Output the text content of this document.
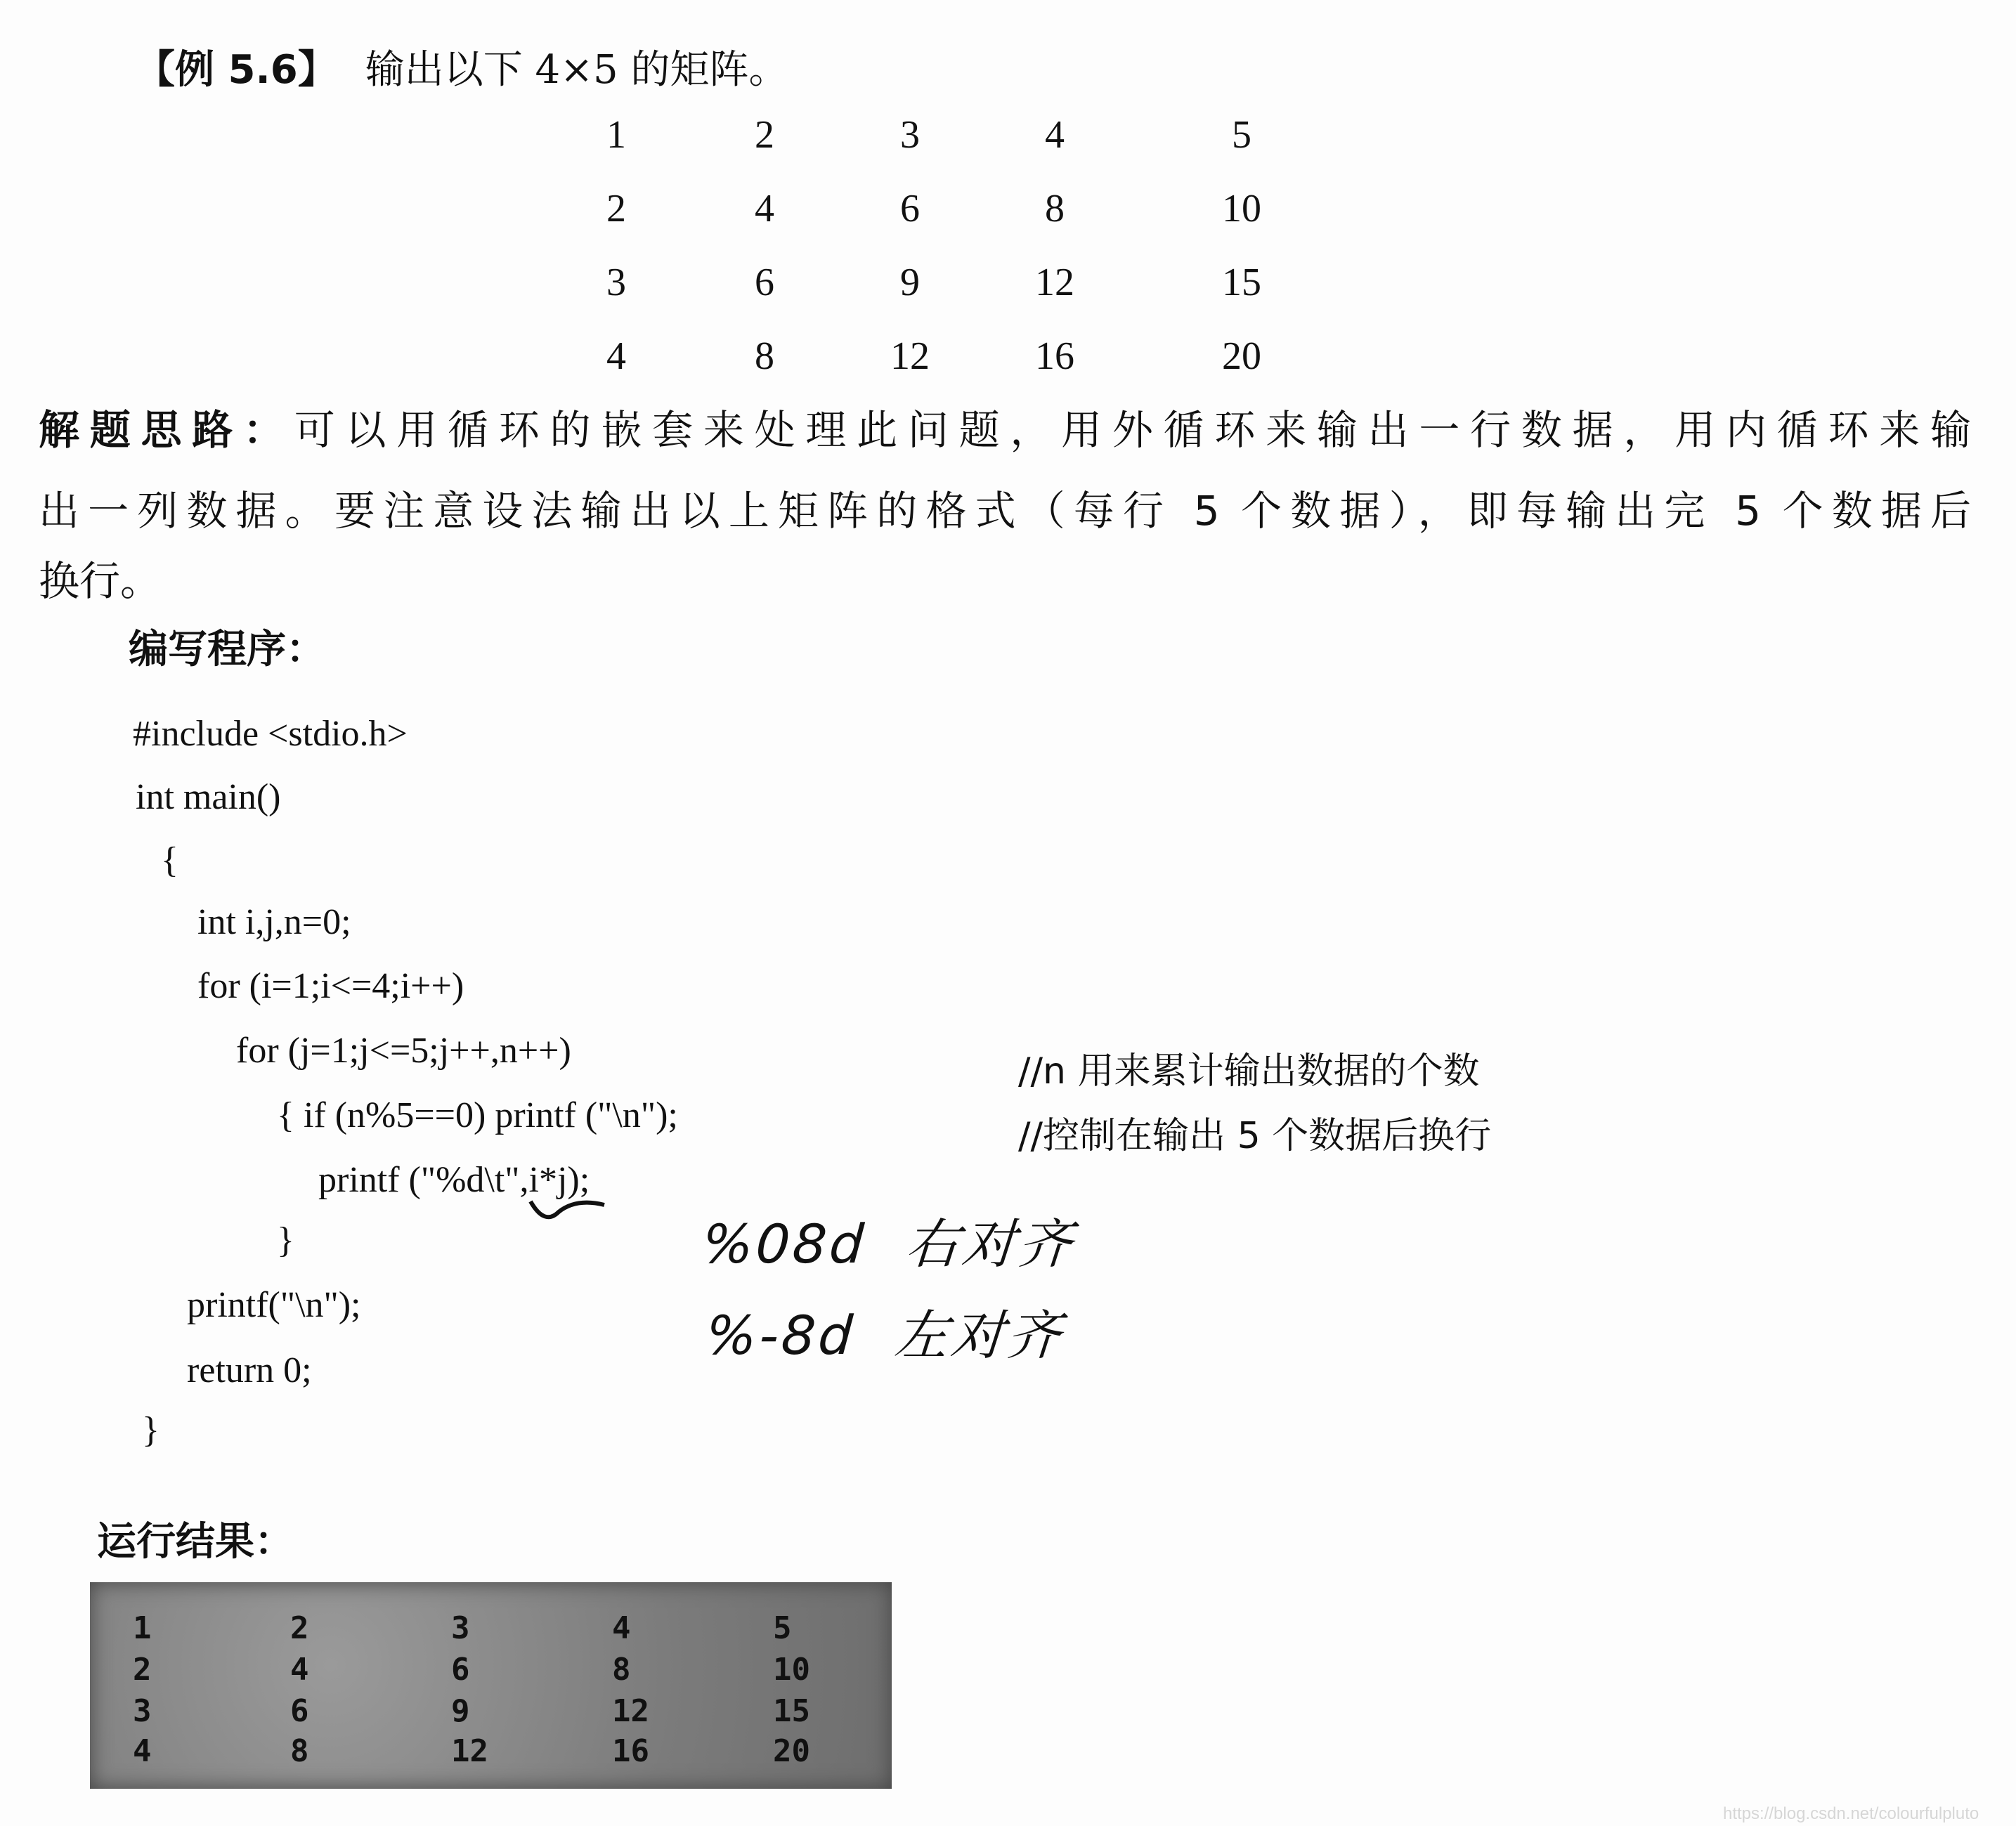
【例 5.6】 输出以下 4×5 的矩阵。
1	2	3	4	5
2	4	6	8	10
3	6	9	12	15
4	8	12	16	20
解题思路：可以用循环的嵌套来处理此问题，用外循环来输出一行数据，用内循环来输
出一列数据。要注意设法输出以上矩阵的格式（每行 5 个数据），即每输出完 5 个数据后
换行。
编写程序：
#include <stdio.h>
int main()
{
int i,j,n=0;
for (i=1;i<=4;i++)
for (j=1;j<=5;j++,n++)
{ if (n%5==0) printf ("\n");
printf ("%d\t",i*j);
}
printf("\n");
return 0;
}
//n 用来累计输出数据的个数
//控制在输出 5 个数据后换行
%08d  右对齐
%-8d  左对齐
运行结果：
1	2	3	4	5
2	4	6	8	10
3	6	9	12	15
4	8	12	16	20
https://blog.csdn.net/colourfulpluto
